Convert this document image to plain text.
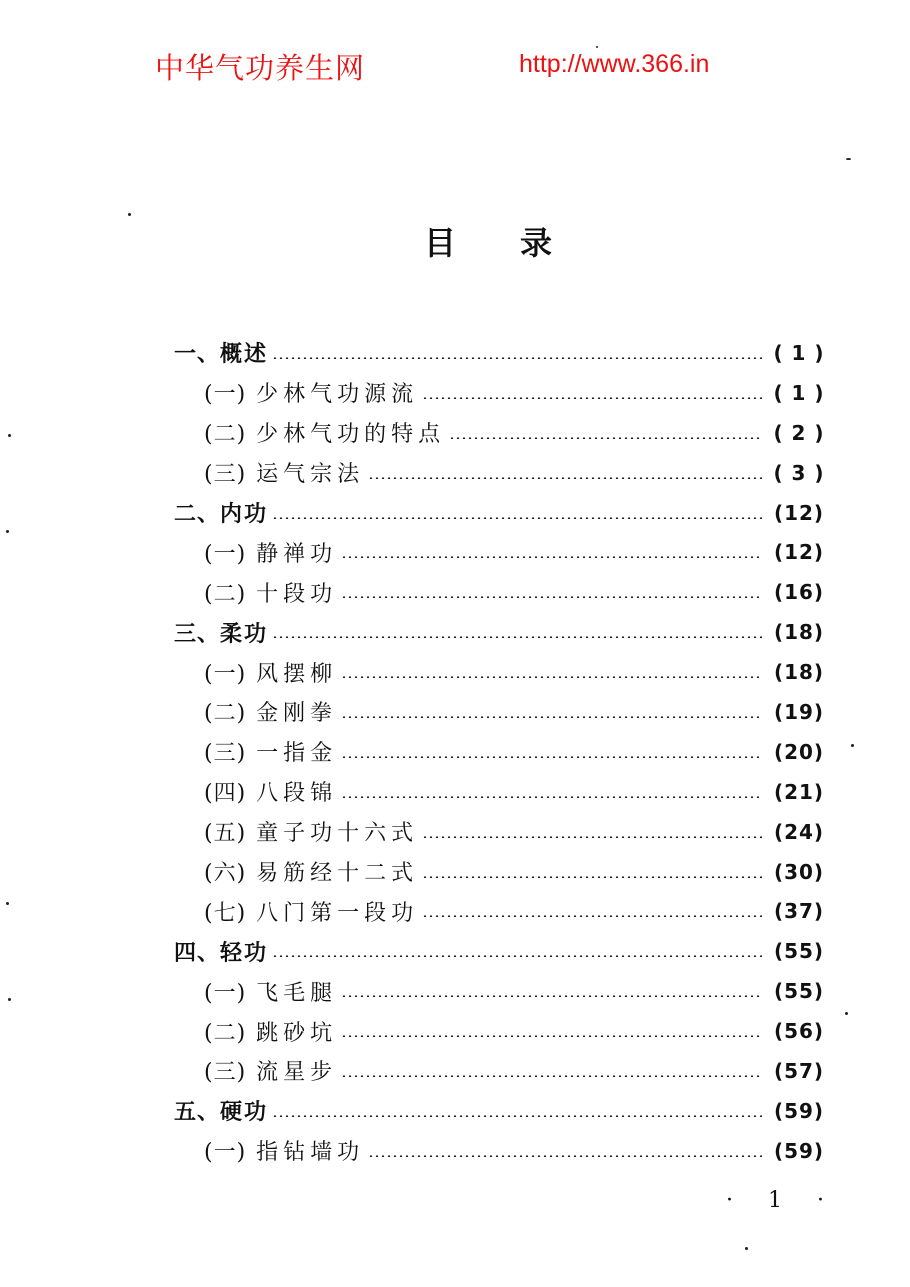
中华气功养生网	http://www.366.in
目录
一、 概述	( 1 )
(一) 少林气功源流	( 1 )
(二) 少林气功的特点	( 2 )
(三) 运气宗法	( 3 )
二、 内功	(12)
(一) 静禅功	(12)
(二) 十段功	(16)
三、 柔功	(18)
(一) 风摆柳	(18)
(二) 金刚拳	(19)
(三) 一指金	(20)
(四) 八段锦	(21)
(五) 童子功十六式	(24)
(六) 易筋经十二式	(30)
(七) 八门第一段功	(37)
四、 轻功	(55)
(一) 飞毛腿	(55)
(二) 跳砂坑	(56)
(三) 流星步	(57)
五、 硬功	(59)
(一) 指钻墙功	(59)
· 1 ·
